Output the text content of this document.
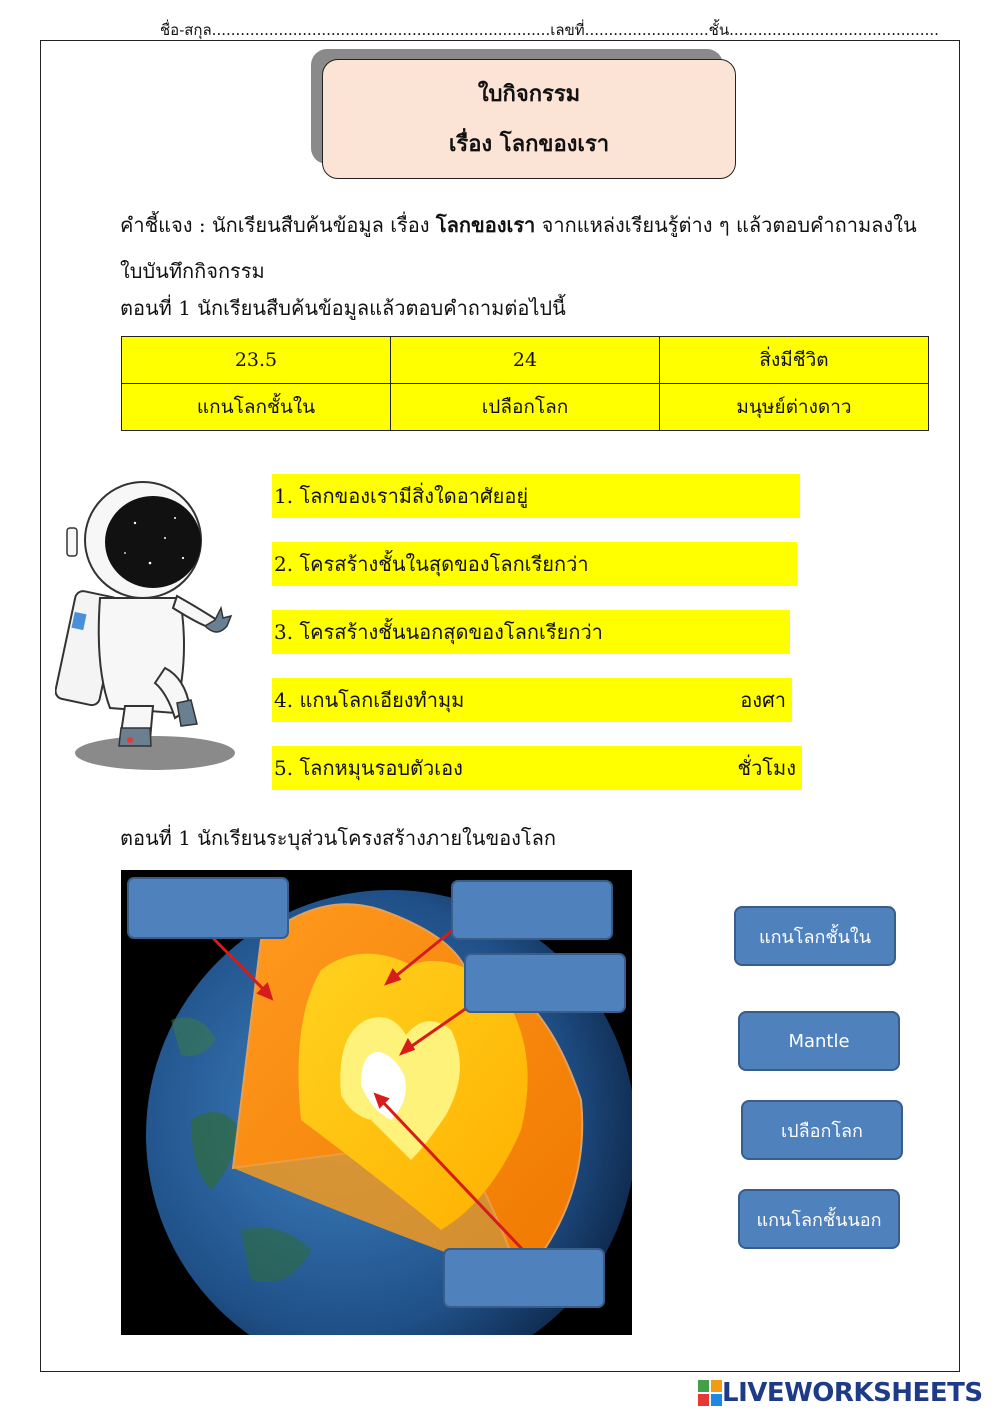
ชื่อ-สกุล.......................................................................เลขที่..........................ชั้น............................................
ใบกิจกรรม
เรื่อง โลกของเรา
คำชี้แจง : นักเรียนสืบค้นข้อมูล เรื่อง โลกของเรา จากแหล่งเรียนรู้ต่าง ๆ แล้วตอบคำถามลงในใบบันทึกกิจกรรม
ตอนที่ 1 นักเรียนสืบค้นข้อมูลแล้วตอบคำถามต่อไปนี้
23.5	24	สิ่งมีชีวิต
แกนโลกชั้นใน	เปลือกโลก	มนุษย์ต่างดาว
1. โลกของเรามีสิ่งใดอาศัยอยู่
2. โครสร้างชั้นในสุดของโลกเรียกว่า
3. โครสร้างชั้นนอกสุดของโลกเรียกว่า
4. แกนโลกเอียงทำมุม	องศา
5. โลกหมุนรอบตัวเอง	ชั่วโมง
ตอนที่ 1 นักเรียนระบุส่วนโครงสร้างภายในของโลก
แกนโลกชั้นใน
Mantle
เปลือกโลก
แกนโลกชั้นนอก
LIVEWORKSHEETS
